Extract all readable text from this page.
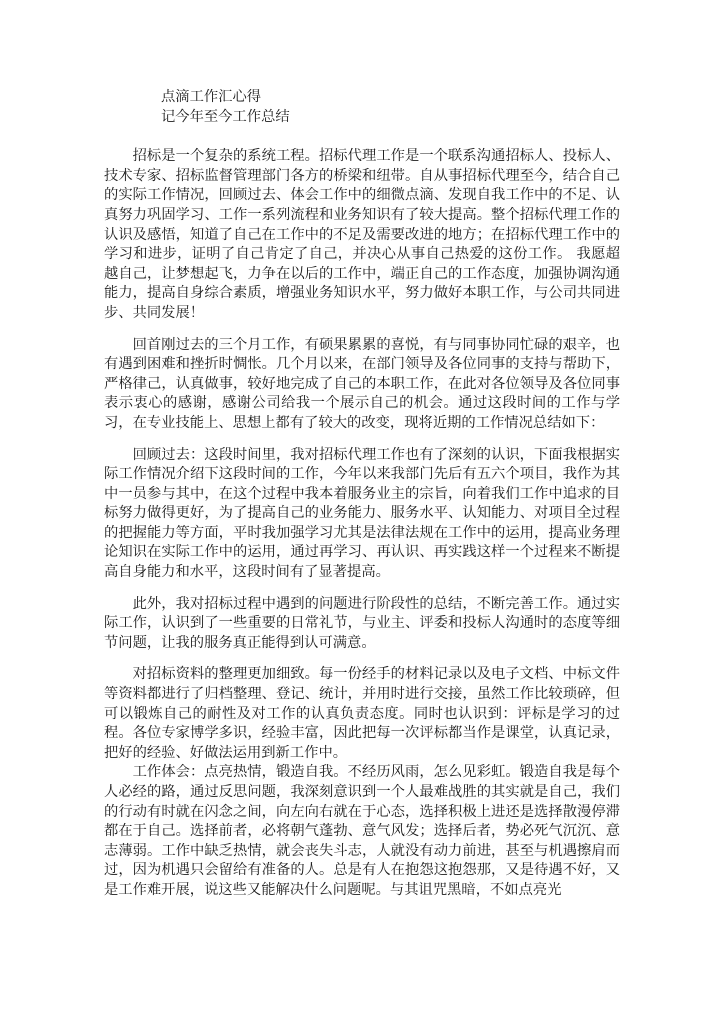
点滴工作汇心得

记今年至今工作总结

招标是一个复杂的系统工程。招标代理工作是一个联系沟通招标人、投标人、技术专家、招标监督管理部门各方的桥梁和纽带。自从事招标代理至今，结合自己的实际工作情况，回顾过去、体会工作中的细微点滴、发现自我工作中的不足、认真努力巩固学习、工作一系列流程和业务知识有了较大提高。整个招标代理工作的认识及感悟，知道了自己在工作中的不足及需要改进的地方；在招标代理工作中的学习和进步，证明了自己肯定了自己，并决心从事自己热爱的这份工作。 我愿超越自己，让梦想起飞，力争在以后的工作中，端正自己的工作态度，加强协调沟通能力，提高自身综合素质，增强业务知识水平，努力做好本职工作，与公司共同进步、共同发展！

回首刚过去的三个月工作，有硕果累累的喜悦，有与同事协同忙碌的艰辛，也有遇到困难和挫折时惆怅。几个月以来，在部门领导及各位同事的支持与帮助下，严格律己，认真做事，较好地完成了自己的本职工作，在此对各位领导及各位同事表示衷心的感谢，感谢公司给我一个展示自己的机会。通过这段时间的工作与学习，在专业技能上、思想上都有了较大的改变，现将近期的工作情况总结如下：

回顾过去：这段时间里，我对招标代理工作也有了深刻的认识，下面我根据实际工作情况介绍下这段时间的工作，今年以来我部门先后有五六个项目，我作为其中一员参与其中，在这个过程中我本着服务业主的宗旨，向着我们工作中追求的目标努力做得更好，为了提高自己的业务能力、服务水平、认知能力、对项目全过程的把握能力等方面，平时我加强学习尤其是法律法规在工作中的运用，提高业务理论知识在实际工作中的运用，通过再学习、再认识、再实践这样一个过程来不断提高自身能力和水平，这段时间有了显著提高。

此外，我对招标过程中遇到的问题进行阶段性的总结，不断完善工作。通过实际工作，认识到了一些重要的日常礼节，与业主、评委和投标人沟通时的态度等细节问题，让我的服务真正能得到认可满意。

对招标资料的整理更加细致。每一份经手的材料记录以及电子文档、中标文件等资料都进行了归档整理、登记、统计，并用时进行交接，虽然工作比较琐碎，但可以锻炼自己的耐性及对工作的认真负责态度。同时也认识到：评标是学习的过程。各位专家博学多识，经验丰富，因此把每一次评标都当作是课堂，认真记录，把好的经验、好做法运用到新工作中。

工作体会：点亮热情，锻造自我。不经历风雨，怎么见彩虹。锻造自我是每个人必经的路，通过反思问题，我深刻意识到一个人最难战胜的其实就是自己，我们的行动有时就在闪念之间，向左向右就在于心态，选择积极上进还是选择散漫停滞都在于自己。选择前者，必将朝气蓬勃、意气风发；选择后者，势必死气沉沉、意志薄弱。工作中缺乏热情，就会丧失斗志，人就没有动力前进，甚至与机遇擦肩而过，因为机遇只会留给有准备的人。总是有人在抱怨这抱怨那，又是待遇不好，又是工作难开展，说这些又能解决什么问题呢。与其诅咒黑暗，不如点亮光
